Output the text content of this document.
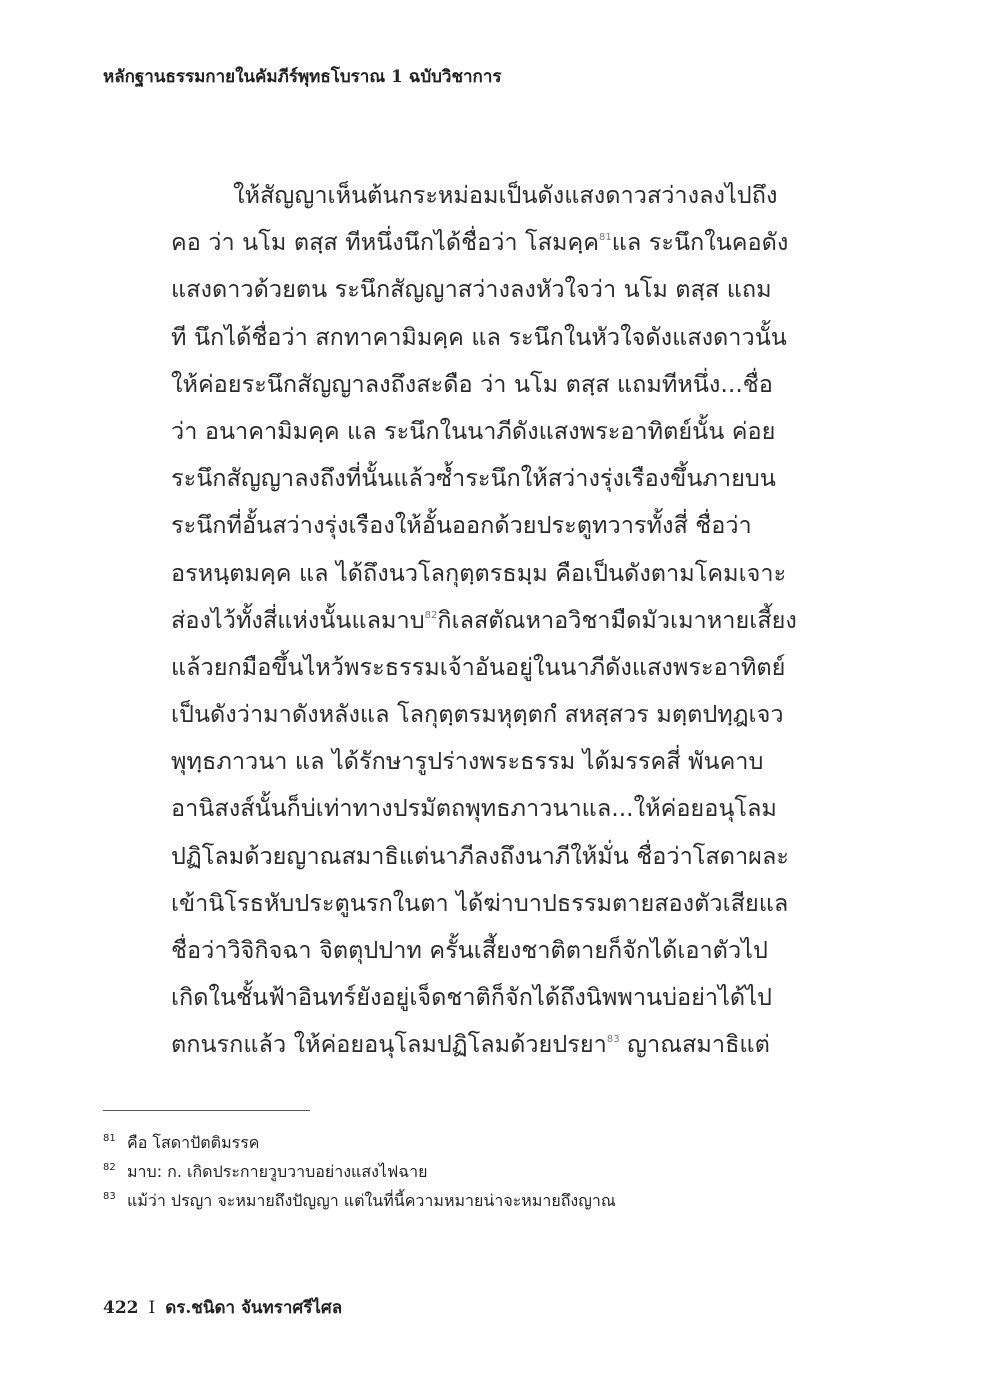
หลักฐานธรรมกายในคัมภีร์พุทธโบราณ 1 ฉบับวิชาการ
ให้สัญญาเห็นต้นกระหม่อมเป็นดังแสงดาวสว่างลงไปถึง
คอ ว่า นโม ตสฺส ทีหนึ่งนึกได้ชื่อว่า โสมคฺค$^{81}$แล ระนึกในคอดัง
แสงดาวด้วยตน ระนึกสัญญาสว่างลงหัวใจว่า นโม ตสฺส แถม
ที นึกได้ชื่อว่า สกทาคามิมคฺค แล ระนึกในหัวใจดังแสงดาวนั้น
ให้ค่อยระนึกสัญญาลงถึงสะดือ ว่า นโม ตสฺส แถมทีหนึ่ง...ชื่อ
ว่า อนาคามิมคฺค แล ระนึกในนาภีดังแสงพระอาทิตย์นั้น ค่อย
ระนึกสัญญาลงถึงที่นั้นแล้วซ้ำระนึกให้สว่างรุ่งเรืองขึ้นภายบน
ระนึกที่อั้นสว่างรุ่งเรืองให้อั้นออกด้วยประตูทวารทั้งสี่ ชื่อว่า
อรหนฺตมคฺค แล ได้ถึงนวโลกุตฺตรธมฺม คือเป็นดังตามโคมเจาะ
ส่องไว้ทั้งสี่แห่งนั้นแลมาบ$^{82}$กิเลสตัณหาอวิชามืดมัวเมาหายเสี้ยง
แล้วยกมือขึ้นไหว้พระธรรมเจ้าอันอยู่ในนาภีดังแสงพระอาทิตย์
เป็นดังว่ามาดังหลังแล โลกุตฺตรมหุตฺตกํ สหสฺสวร มตฺตปทฺฎเจว
พุทฺธภาวนา แล ได้รักษารูปร่างพระธรรม ได้มรรคสี่ พันคาบ
อานิสงส์นั้นก็บ่เท่าทางปรมัตถพุทธภาวนาแล...ให้ค่อยอนุโลม
ปฏิโลมด้วยญาณสมาธิแต่นาภีลงถึงนาภีให้มั่น ชื่อว่าโสดาผละ
เข้านิโรธหับประตูนรกในตา ได้ฆ่าบาปธรรมตายสองตัวเสียแล
ชื่อว่าวิจิกิจฉา จิตตุปปาท ครั้นเสี้ยงชาติตายก็จักได้เอาตัวไป
เกิดในชั้นฟ้าอินทร์ยังอยู่เจ็ดชาติก็จักได้ถึงนิพพานบ่อย่าได้ไป
ตกนรกแล้ว ให้ค่อยอนุโลมปฏิโลมด้วยปรยา$^{83}$ ญาณสมาธิแต่
81 คือ โสดาปัตติมรรค
82 มาบ: ก. เกิดประกายวูบวาบอย่างแสงไฟฉาย
83 แม้ว่า ปรญา จะหมายถึงปัญญา แต่ในที่นี้ความหมายน่าจะหมายถึงญาณ
422 I ดร.ชนิดา จันทราศรีไศล
